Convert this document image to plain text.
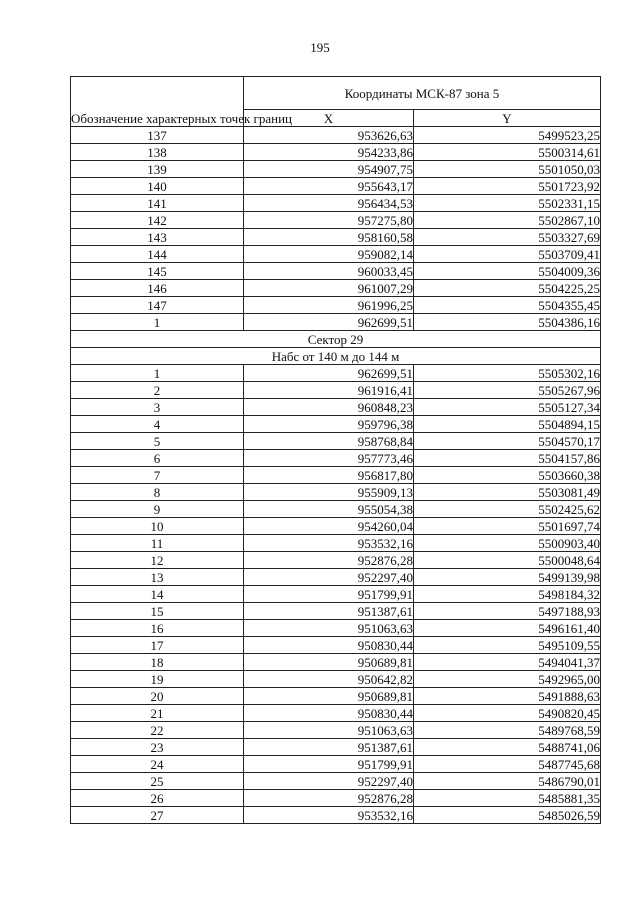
195
Обозначение характерных точек границ	Координаты МСК-87 зона 5	
	X	Y
137	953626,63	5499523,25
138	954233,86	5500314,61
139	954907,75	5501050,03
140	955643,17	5501723,92
141	956434,53	5502331,15
142	957275,80	5502867,10
143	958160,58	5503327,69
144	959082,14	5503709,41
145	960033,45	5504009,36
146	961007,29	5504225,25
147	961996,25	5504355,45
1	962699,51	5504386,16
Сектор 29		
Набс от 140 м до 144 м		
1	962699,51	5505302,16
2	961916,41	5505267,96
3	960848,23	5505127,34
4	959796,38	5504894,15
5	958768,84	5504570,17
6	957773,46	5504157,86
7	956817,80	5503660,38
8	955909,13	5503081,49
9	955054,38	5502425,62
10	954260,04	5501697,74
11	953532,16	5500903,40
12	952876,28	5500048,64
13	952297,40	5499139,98
14	951799,91	5498184,32
15	951387,61	5497188,93
16	951063,63	5496161,40
17	950830,44	5495109,55
18	950689,81	5494041,37
19	950642,82	5492965,00
20	950689,81	5491888,63
21	950830,44	5490820,45
22	951063,63	5489768,59
23	951387,61	5488741,06
24	951799,91	5487745,68
25	952297,40	5486790,01
26	952876,28	5485881,35
27	953532,16	5485026,59
